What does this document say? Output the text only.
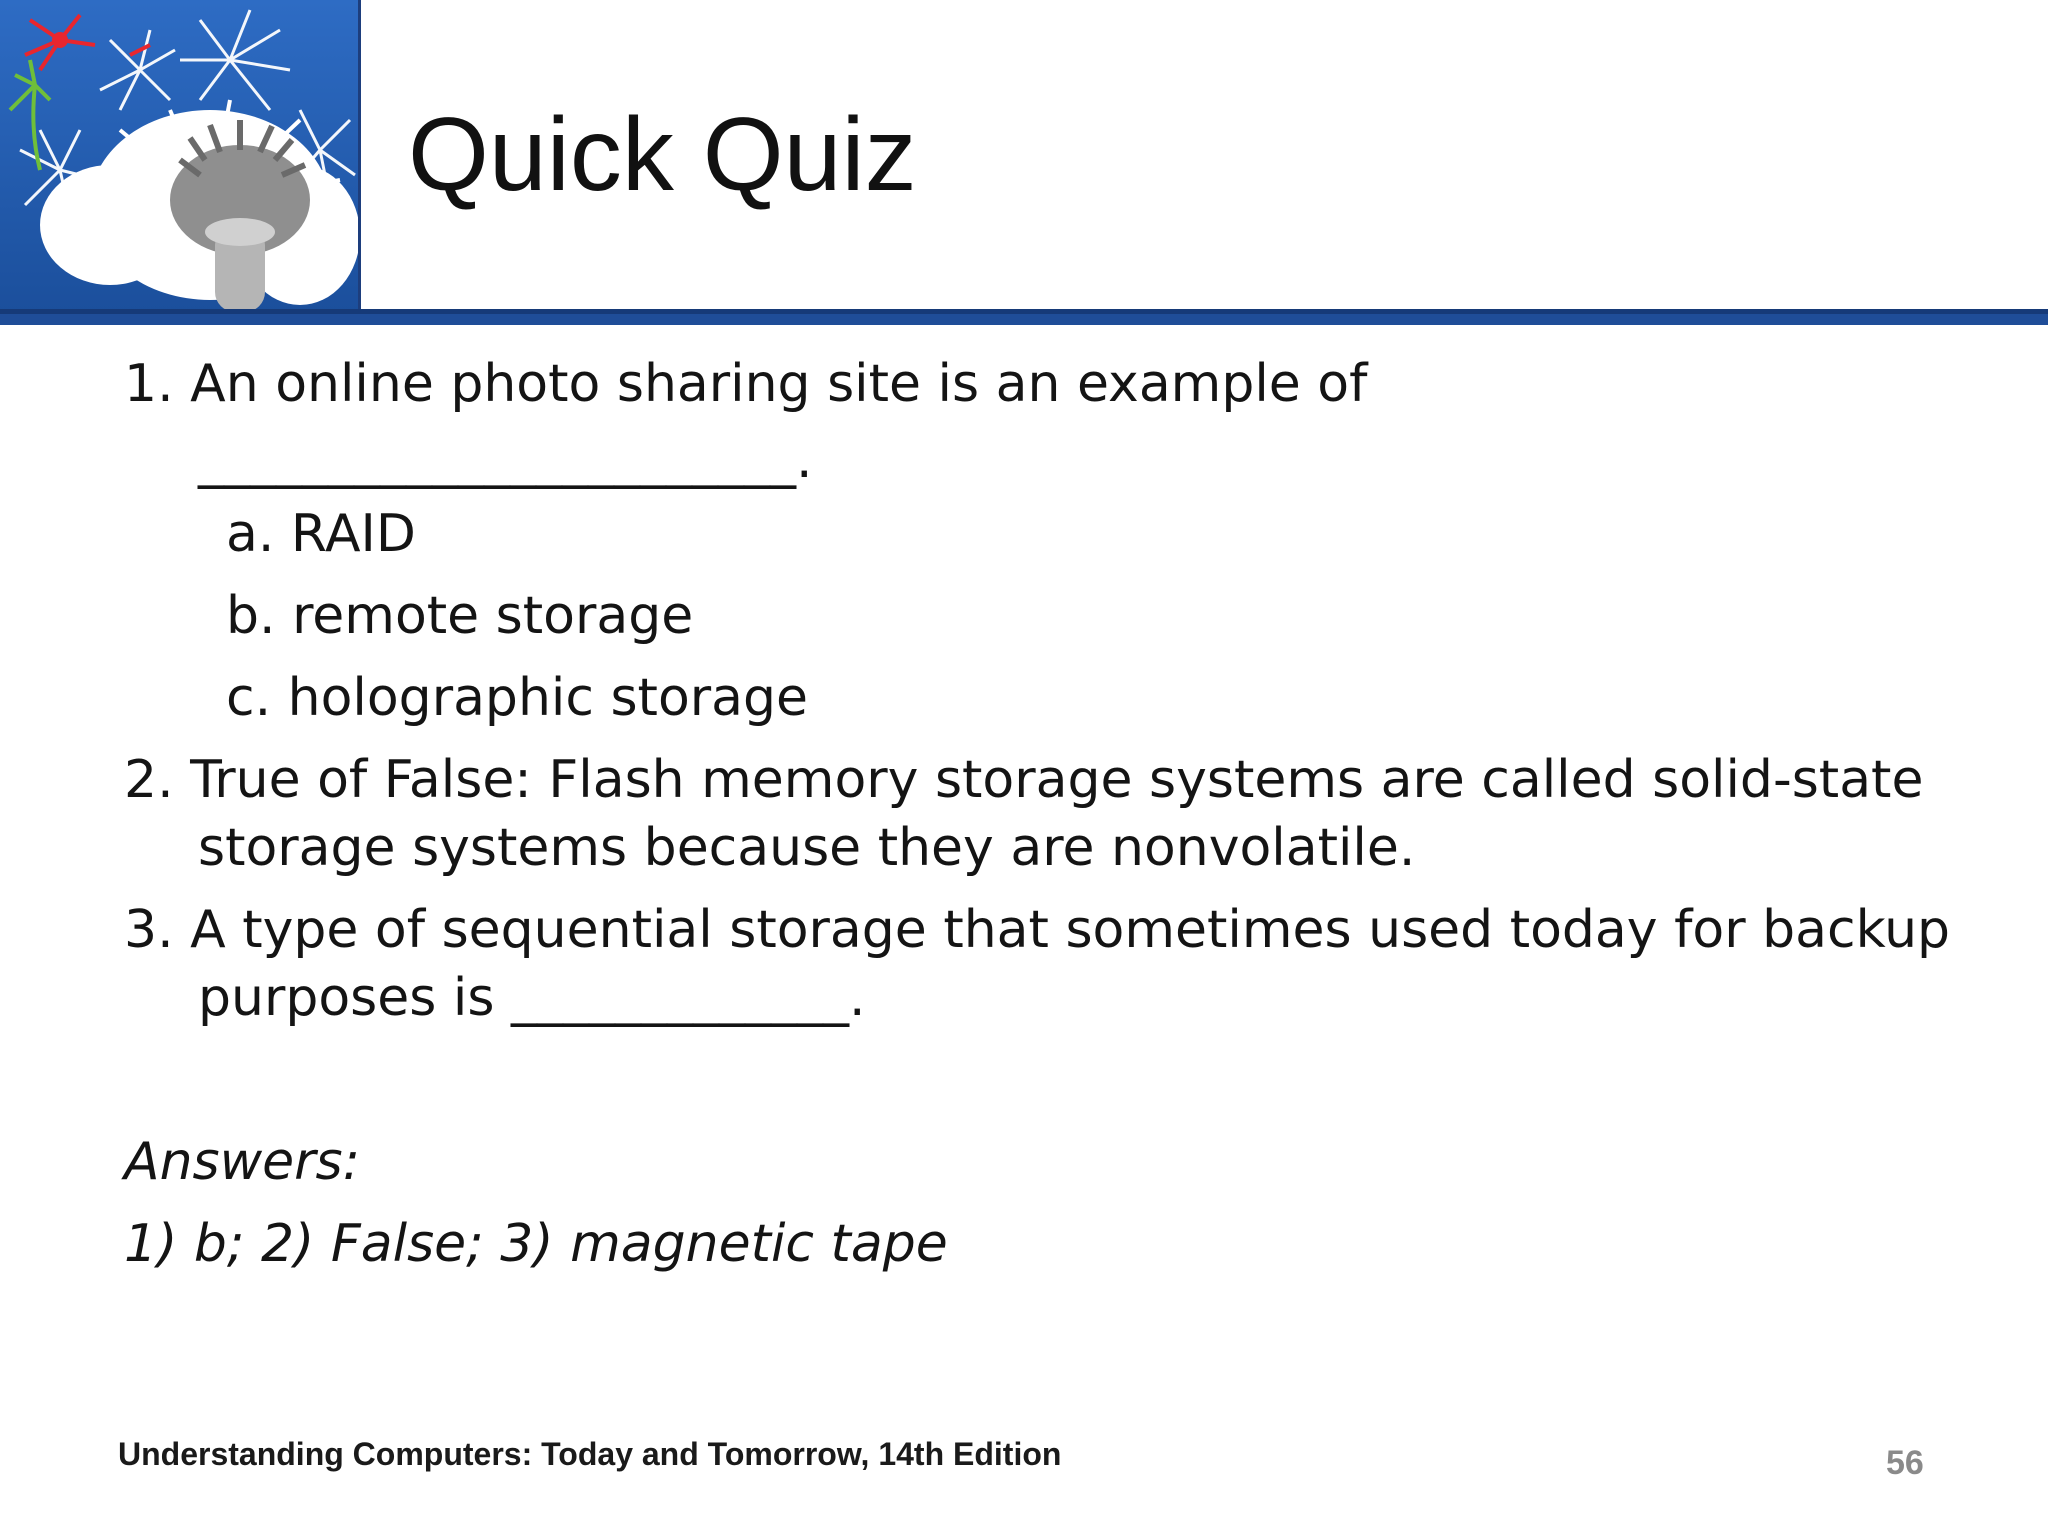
Quick Quiz
1. An online photo sharing site is an example of
_______________________.
a. RAID
b. remote storage
c. holographic storage
2. True of False: Flash memory storage systems are called solid-state
storage systems because they are nonvolatile.
3. A type of sequential storage that sometimes used today for backup
purposes is _____________.
Answers:
1) b; 2) False; 3) magnetic tape
Understanding Computers: Today and Tomorrow, 14th Edition	56
